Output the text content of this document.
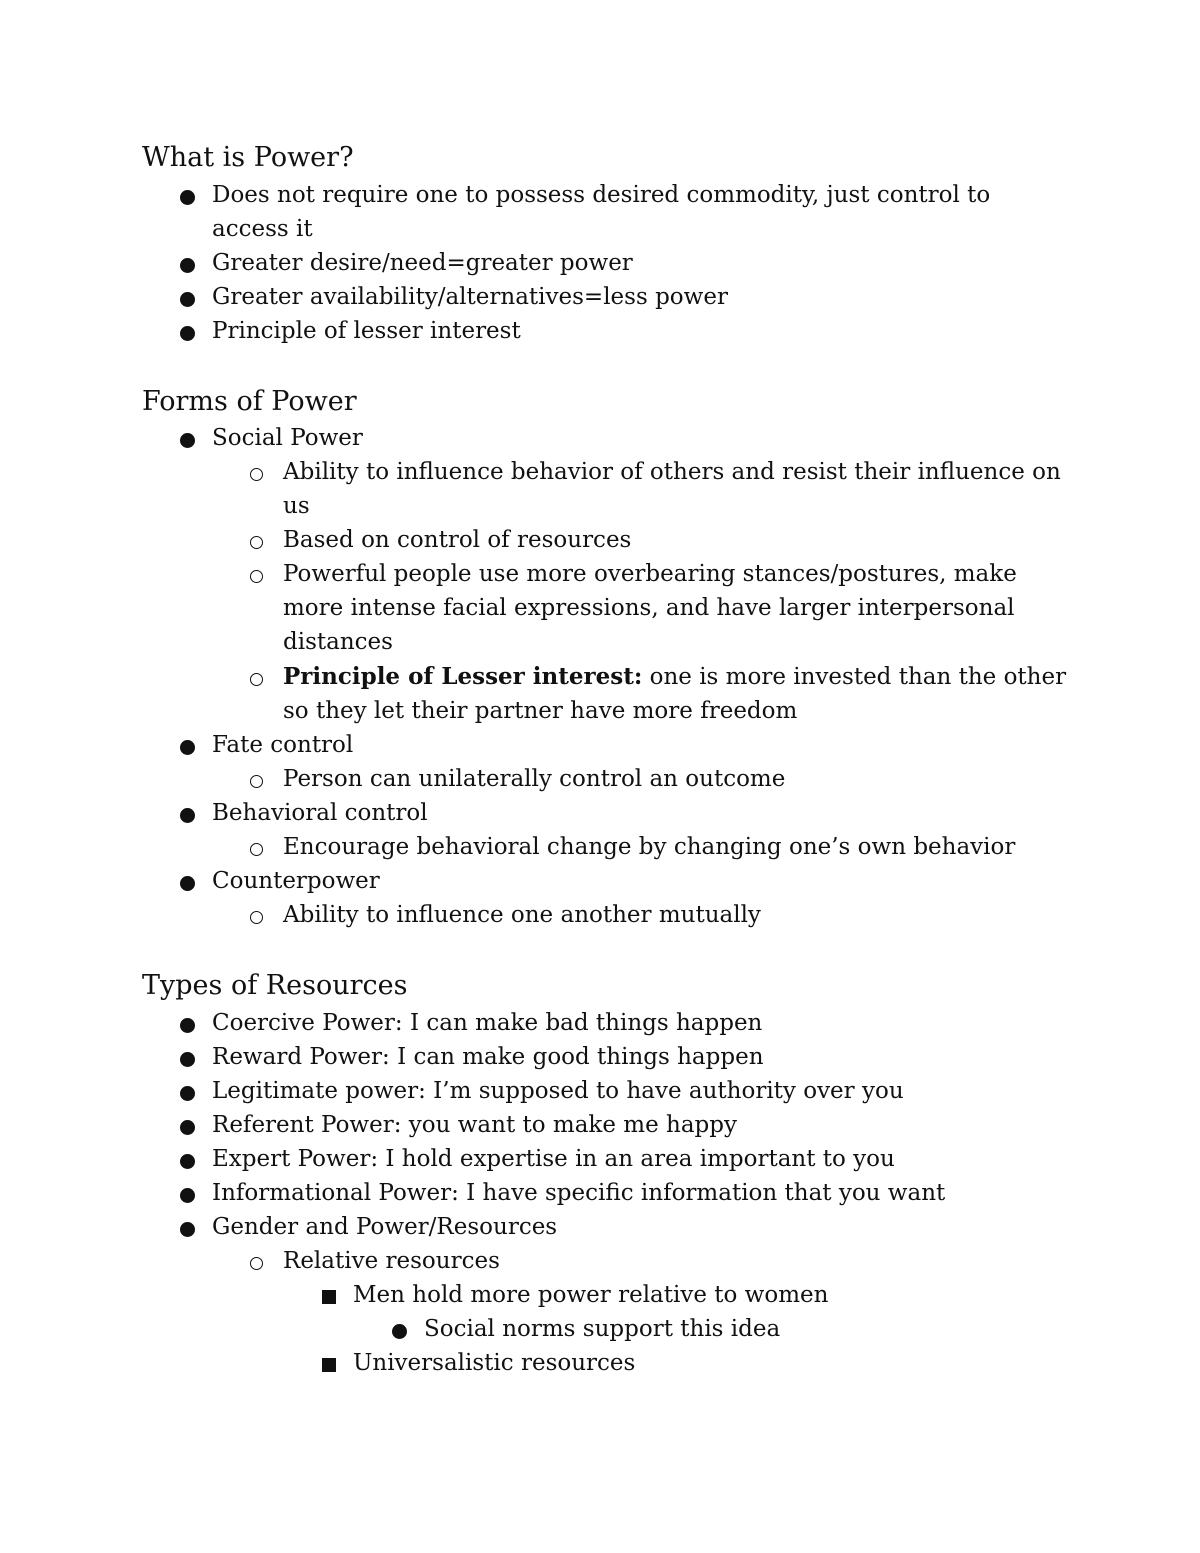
What is Power?
Does not require one to possess desired commodity, just control to access it
Greater desire/need=greater power
Greater availability/alternatives=less power
Principle of lesser interest
Forms of Power
Social Power
Ability to influence behavior of others and resist their influence on us
Based on control of resources
Powerful people use more overbearing stances/postures, make more intense facial expressions, and have larger interpersonal distances
Principle of Lesser interest: one is more invested than the other so they let their partner have more freedom
Fate control
Person can unilaterally control an outcome
Behavioral control
Encourage behavioral change by changing one’s own behavior
Counterpower
Ability to influence one another mutually
Types of Resources
Coercive Power: I can make bad things happen
Reward Power: I can make good things happen
Legitimate power: I’m supposed to have authority over you
Referent Power: you want to make me happy
Expert Power: I hold expertise in an area important to you
Informational Power: I have specific information that you want
Gender and Power/Resources
Relative resources
Men hold more power relative to women
Social norms support this idea
Universalistic resources
